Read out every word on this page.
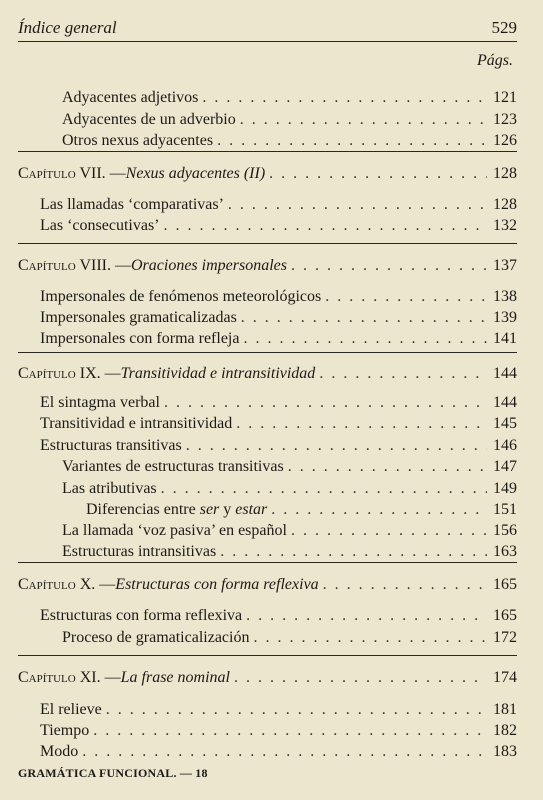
Índice general	529
Págs.
Adyacentes adjetivos . . .	121
Adyacentes de un adverbio . . .	123
Otros nexus adyacentes . . .	126
Capítulo VII. —Nexus adyacentes (II) . . .	128
Las llamadas ‘comparativas’ . . .	128
Las ‘consecutivas’ . . .	132
Capítulo VIII. —Oraciones impersonales . . .	137
Impersonales de fenómenos meteorológicos . . .	138
Impersonales gramaticalizadas . . .	139
Impersonales con forma refleja . . .	141
Capítulo IX. —Transitividad e intransitividad . . .	144
El sintagma verbal . . .	144
Transitividad e intransitividad . . .	145
Estructuras transitivas . . .	146
Variantes de estructuras transitivas . . .	147
Las atributivas . . .	149
Diferencias entre ser y estar . . .	151
La llamada ‘voz pasiva’ en español . . .	156
Estructuras intransitivas . . .	163
Capítulo X. —Estructuras con forma reflexiva . . .	165
Estructuras con forma reflexiva . . .	165
Proceso de gramaticalización . . .	172
Capítulo XI. —La frase nominal . . .	174
El relieve . . .	181
Tiempo . . .	182
Modo . . .	183
GRAMÁTICA FUNCIONAL. — 18
